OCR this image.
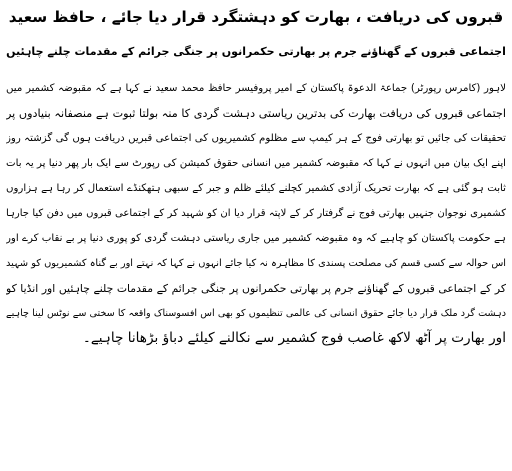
قبروں کی دریافت ، بھارت کو دہشتگرد قرار دیا جائے ، حافظ سعید

اجتماعی قبروں کے گھناؤنے جرم پر بھارتی حکمرانوں پر جنگی جرائم کے مقدمات چلنے چاہئیں

لاہور (کامرس رپورٹر) جماعۃ الدعوۃ پاکستان کے امیر پروفیسر حافظ محمد سعید نے کہا ہے کہ مقبوضہ کشمیر میں

اجتماعی قبروں کی دریافت بھارت کی بدترین ریاستی دہشت گردی کا منہ بولتا ثبوت ہے منصفانہ بنیادوں پر

تحقیقات کی جائیں تو بھارتی فوج کے ہر کیمپ سے مظلوم کشمیریوں کی اجتماعی قبریں دریافت ہوں گی گزشتہ روز

اپنے ایک بیان میں انہوں نے کہا کہ مقبوضہ کشمیر میں انسانی حقوق کمیشن کی رپورٹ سے ایک بار پھر دنیا پر یہ بات

ثابت ہو گئی ہے کہ بھارت تحریک آزادی کشمیر کچلنے کیلئے ظلم و جبر کے سبھی ہتھکنڈے استعمال کر رہا ہے ہزاروں

کشمیری نوجوان جنہیں بھارتی فوج نے گرفتار کر کے لاپتہ قرار دیا ان کو شہید کر کے اجتماعی قبروں میں دفن کیا جارہا

ہے حکومت پاکستان کو چاہیے کہ وہ مقبوضہ کشمیر میں جاری ریاستی دہشت گردی کو پوری دنیا پر بے نقاب کرے اور

اس حوالہ سے کسی قسم کی مصلحت پسندی کا مظاہرہ نہ کیا جائے انہوں نے کہا کہ نہتے اور بے گناہ کشمیریوں کو شہید

کر کے اجتماعی قبروں کے گھناؤنے جرم پر بھارتی حکمرانوں پر جنگی جرائم کے مقدمات چلنے چاہئیں اور انڈیا کو

دہشت گرد ملک قرار دیا جائے حقوق انسانی کی عالمی تنظیموں کو بھی اس افسوسناک واقعہ کا سختی سے نوٹس لینا چاہیے

اور بھارت پر آٹھ لاکھ غاصب فوج کشمیر سے نکالنے کیلئے دباؤ بڑھانا چاہیے۔
